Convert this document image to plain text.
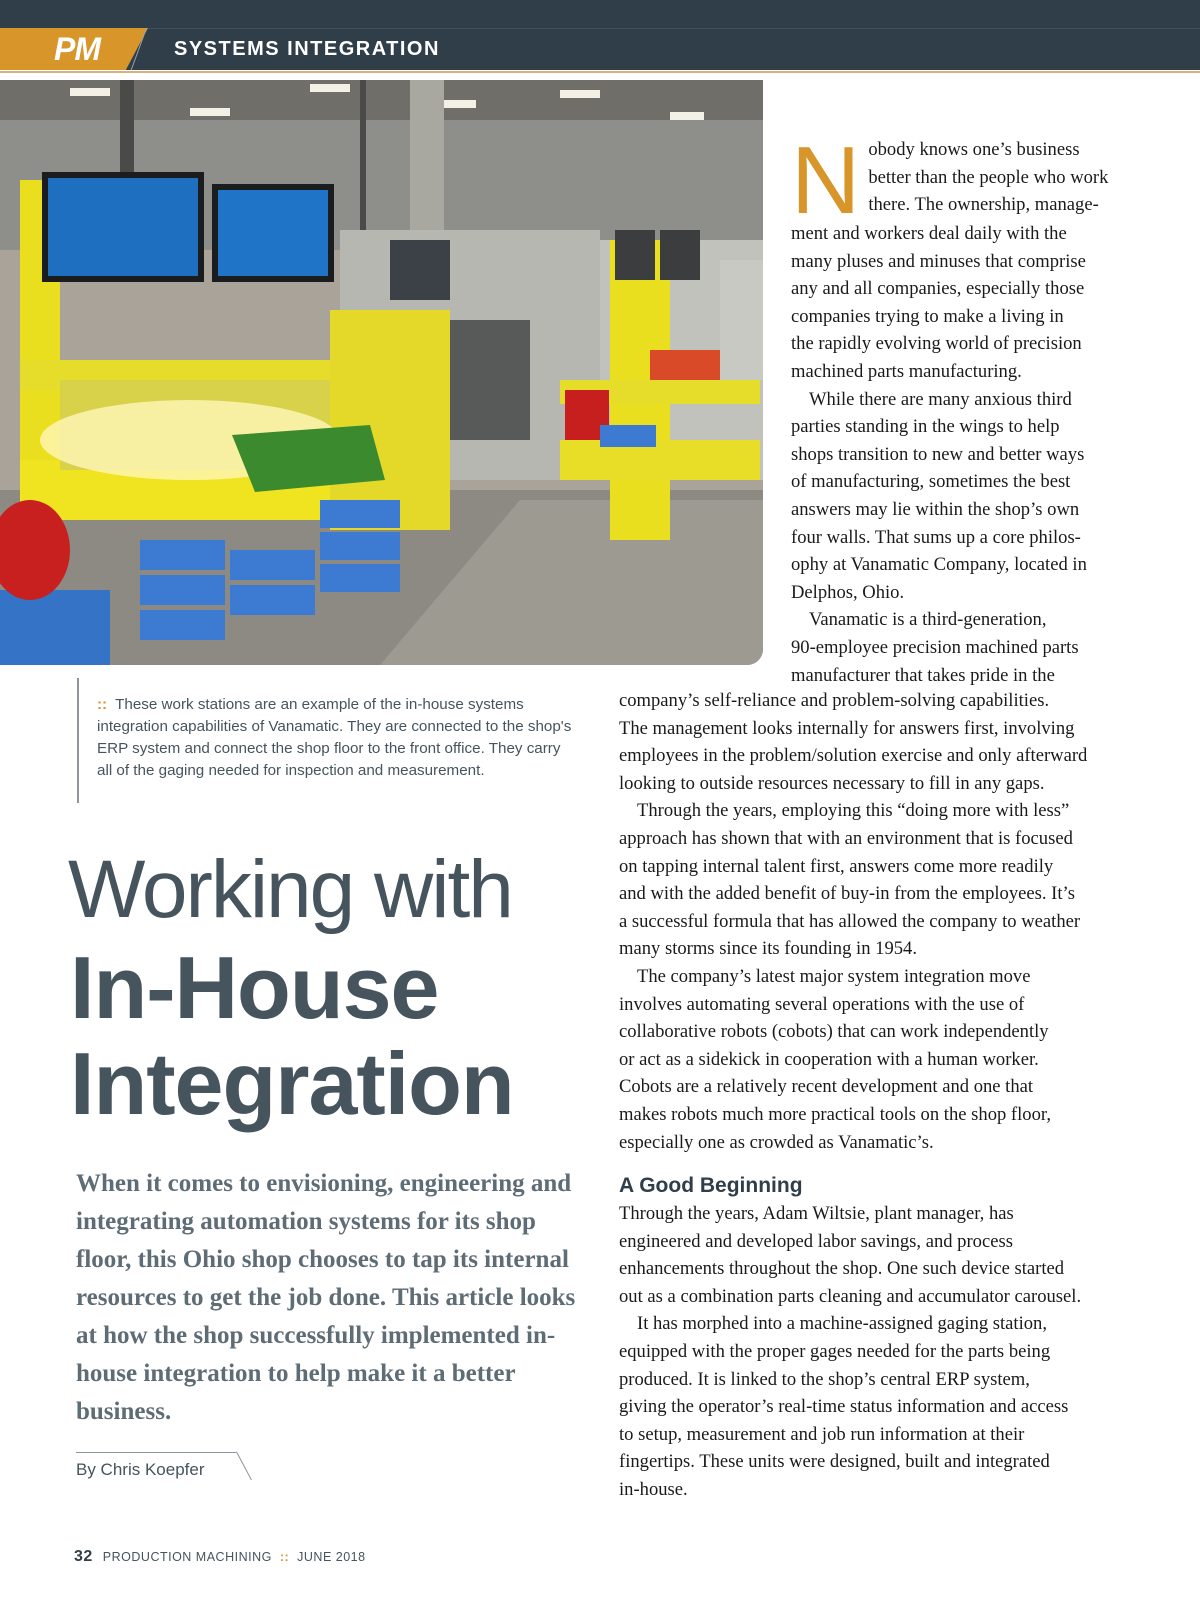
PM	SYSTEMS INTEGRATION
:: These work stations are an example of the in-house systems integration capabilities of Vanamatic. They are connected to the shop's ERP system and connect the shop floor to the front office. They carry all of the gaging needed for inspection and measurement.
Working with
In-House
Integration
When it comes to envisioning, engineering and integrating automation systems for its shop floor, this Ohio shop chooses to tap its internal resources to get the job done. This article looks at how the shop successfully implemented in-house integration to help make it a better business.
By Chris Koepfer
32 PRODUCTION MACHINING :: JUNE 2018
N obody knows one’s business
better than the people who work
there. The ownership, manage-
ment and workers deal daily with the
many pluses and minuses that comprise
any and all companies, especially those
companies trying to make a living in
the rapidly evolving world of precision
machined parts manufacturing.
While there are many anxious third
parties standing in the wings to help
shops transition to new and better ways
of manufacturing, sometimes the best
answers may lie within the shop’s own
four walls. That sums up a core philos-
ophy at Vanamatic Company, located in
Delphos, Ohio.
Vanamatic is a third-generation,
90-employee precision machined parts
manufacturer that takes pride in the
company’s self-reliance and problem-solving capabilities.
The management looks internally for answers first, involving
employees in the problem/solution exercise and only afterward
looking to outside resources necessary to fill in any gaps.
Through the years, employing this “doing more with less”
approach has shown that with an environment that is focused
on tapping internal talent first, answers come more readily
and with the added benefit of buy-in from the employees. It’s
a successful formula that has allowed the company to weather
many storms since its founding in 1954.
The company’s latest major system integration move
involves automating several operations with the use of
collaborative robots (cobots) that can work independently
or act as a sidekick in cooperation with a human worker.
Cobots are a relatively recent development and one that
makes robots much more practical tools on the shop floor,
especially one as crowded as Vanamatic’s.
A Good Beginning
Through the years, Adam Wiltsie, plant manager, has
engineered and developed labor savings, and process
enhancements throughout the shop. One such device started
out as a combination parts cleaning and accumulator carousel.
It has morphed into a machine-assigned gaging station,
equipped with the proper gages needed for the parts being
produced. It is linked to the shop’s central ERP system,
giving the operator’s real-time status information and access
to setup, measurement and job run information at their
fingertips. These units were designed, built and integrated
in-house.
